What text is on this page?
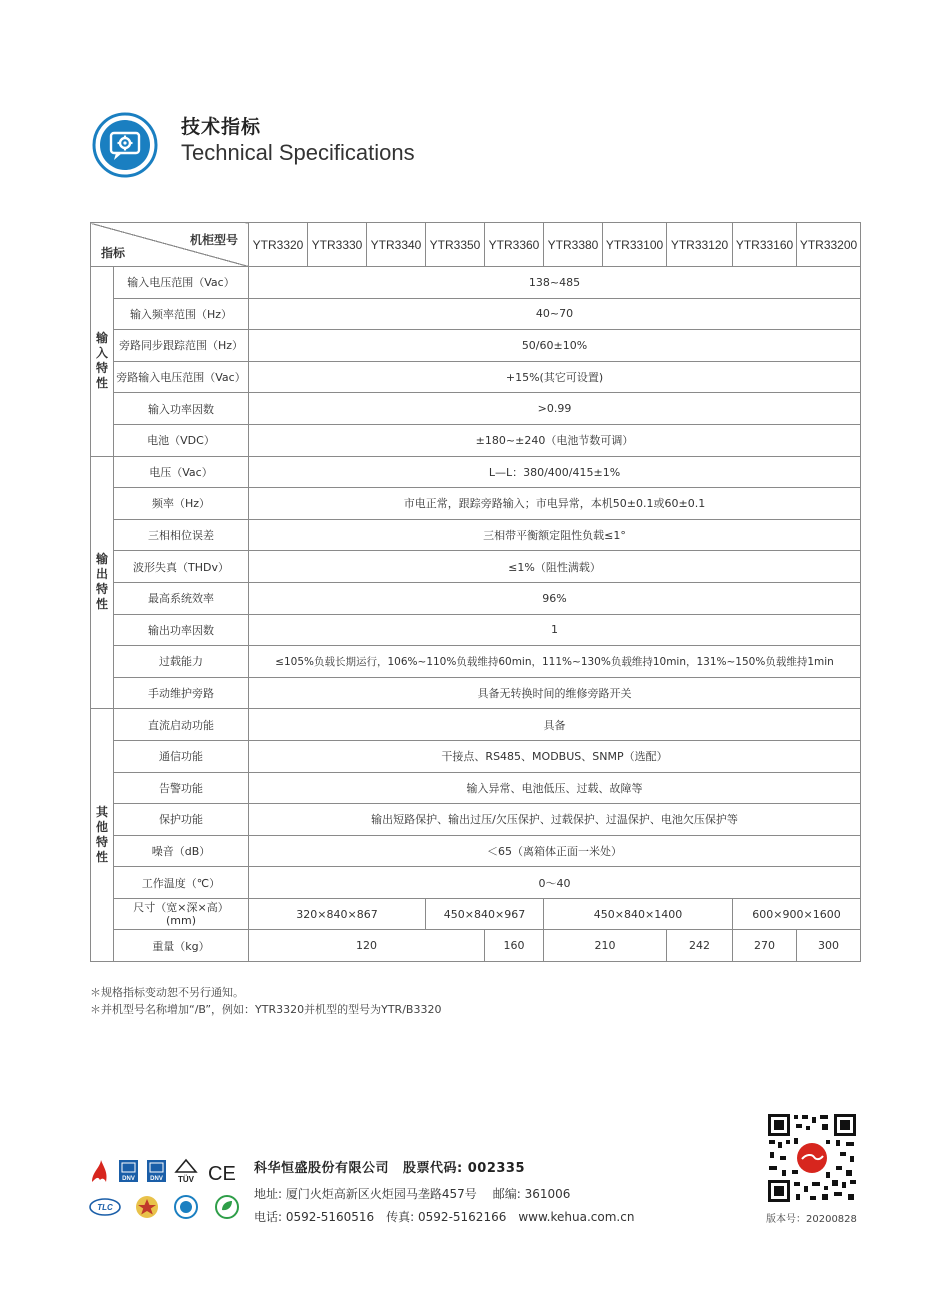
技术指标
Technical Specifications
机柜型号
指标		YTR3320	YTR3330	YTR3340	YTR3350	YTR3360	YTR3380	YTR33100	YTR33120	YTR33160	YTR33200

输
入
特
性	输入电压范围（Vac）	138~485									
	输入频率范围（Hz）	40~70									
	旁路同步跟踪范围（Hz）	50/60±10%									
	旁路输入电压范围（Vac）	+15%(其它可设置)									
	输入功率因数	>0.99									
	电池（VDC）	±180~±240（电池节数可调）									

输
出
特
性	电压（Vac）	L—L：380/400/415±1%									
	频率（Hz）	市电正常，跟踪旁路输入；市电异常，本机50±0.1或60±0.1									
	三相相位误差	三相带平衡额定阻性负载≤1°									
	波形失真（THDv）	≤1%（阻性满载）									
	最高系统效率	96%									
	输出功率因数	1									
	过载能力	≤105%负载长期运行，106%~110%负载维持60min，111%~130%负载维持10min，131%~150%负载维持1min									
	手动维护旁路	具备无转换时间的维修旁路开关									

其
他
特
性	直流启动功能	具备									
	通信功能	干接点、RS485、MODBUS、SNMP（选配）									
	告警功能	输入异常、电池低压、过载、故障等									
	保护功能	输出短路保护、输出过压/欠压保护、过载保护、过温保护、电池欠压保护等									
	噪音（dB）	＜65（离箱体正面一米处）									
	工作温度（℃）	0～40									
	尺寸（宽×深×高）
(mm)	320×840×867			450×840×967		450×840×1400			600×900×1600	
	重量（kg）	120				160	210		242	270	300
＊规格指标变动恕不另行通知。
＊并机型号名称增加“/B”，例如：YTR3320并机型的型号为YTR/B3320
DNV	DNV TÜV CE
TLC
科华恒盛股份有限公司 股票代码: 002335
地址: 厦门火炬高新区火炬园马垄路457号 邮编: 361006
电话: 0592-5160516 传真: 0592-5162166 www.kehua.com.cn	版本号：20200828
